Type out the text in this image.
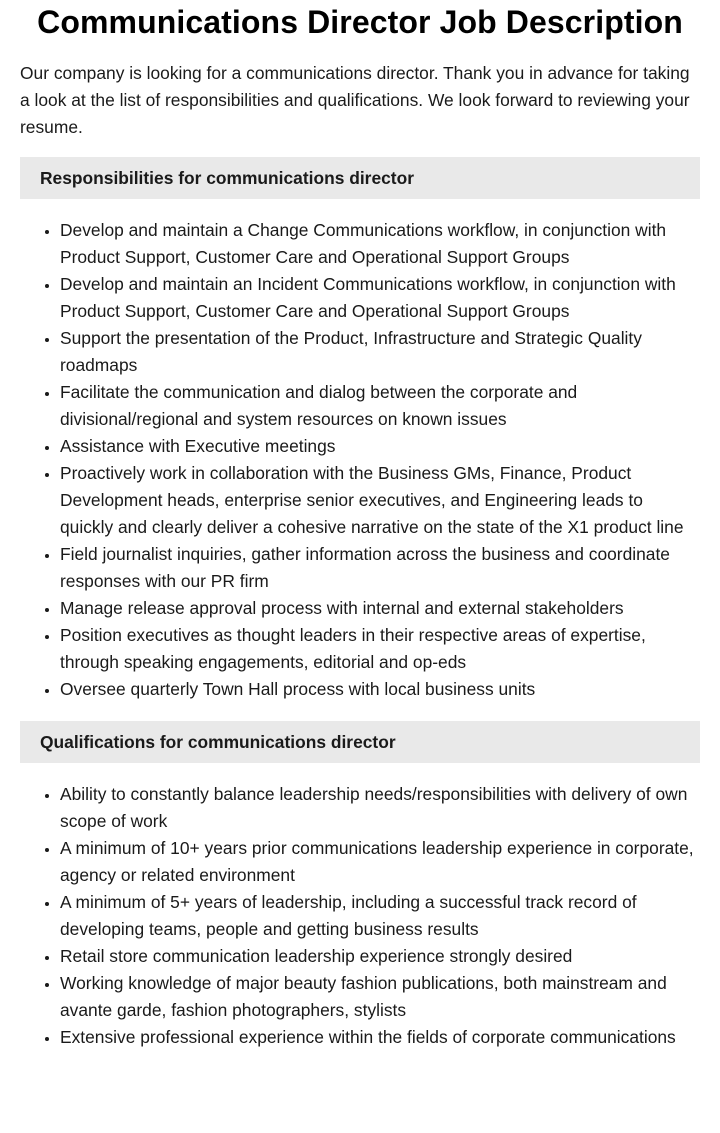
Communications Director Job Description

Our company is looking for a communications director. Thank you in advance for taking a look at the list of responsibilities and qualifications. We look forward to reviewing your resume.

Responsibilities for communications director
• Develop and maintain a Change Communications workflow, in conjunction with Product Support, Customer Care and Operational Support Groups
• Develop and maintain an Incident Communications workflow, in conjunction with Product Support, Customer Care and Operational Support Groups
• Support the presentation of the Product, Infrastructure and Strategic Quality roadmaps
• Facilitate the communication and dialog between the corporate and divisional/regional and system resources on known issues
• Assistance with Executive meetings
• Proactively work in collaboration with the Business GMs, Finance, Product Development heads, enterprise senior executives, and Engineering leads to quickly and clearly deliver a cohesive narrative on the state of the X1 product line
• Field journalist inquiries, gather information across the business and coordinate responses with our PR firm
• Manage release approval process with internal and external stakeholders
• Position executives as thought leaders in their respective areas of expertise, through speaking engagements, editorial and op-eds
• Oversee quarterly Town Hall process with local business units
Qualifications for communications director
• Ability to constantly balance leadership needs/responsibilities with delivery of own scope of work
• A minimum of 10+ years prior communications leadership experience in corporate, agency or related environment
• A minimum of 5+ years of leadership, including a successful track record of developing teams, people and getting business results
• Retail store communication leadership experience strongly desired
• Working knowledge of major beauty fashion publications, both mainstream and avante garde, fashion photographers, stylists
• Extensive professional experience within the fields of corporate communications
